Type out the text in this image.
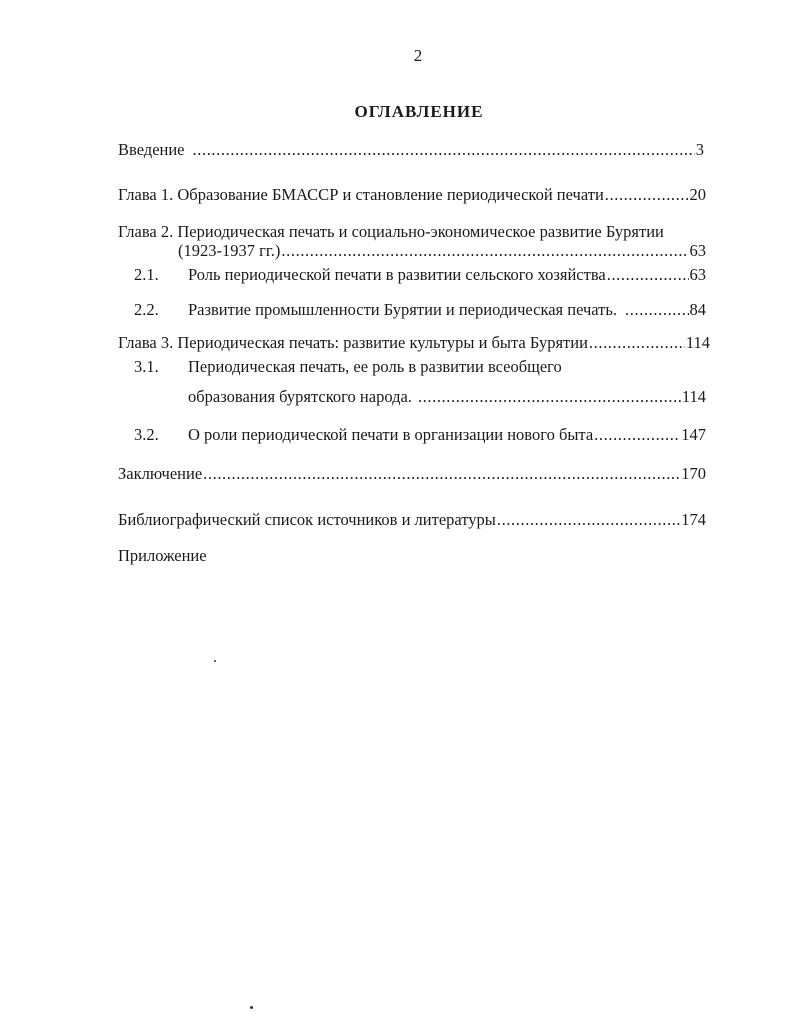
2
ОГЛАВЛЕНИЕ
Введение .....	3
Глава 1. Образование БМАССР и становление периодической печати .....	20
Глава 2. Периодическая печать и социально-экономическое развитие Бурятии
(1923-1937 гг.) .....	63
2.1.	Роль периодической печати в развитии сельского хозяйства .....	63
2.2.	Развитие промышленности Бурятии и периодическая печать. .....	84
Глава 3. Периодическая печать: развитие культуры и быта Бурятии .....	114
3.1.	Периодическая печать, ее роль в развитии всеобщего
образования бурятского народа. .....	114
3.2.	О роли периодической печати в организации нового быта .....	147
Заключение .....	170
Библиографический список источников и литературы .....	174
Приложение
